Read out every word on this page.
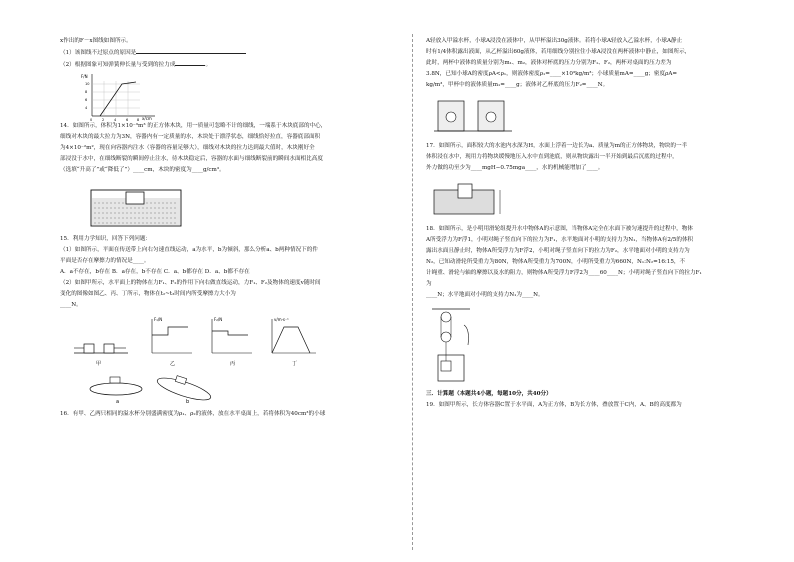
x作出的F－x图线如图所示。

（1）该图线不过原点的原因是

（2）根据图象可知弹簧伸长量与受到的拉力成	。

F/N
x/cm
10
8
6
4
0	2	4	6	8

14．如图所示，体积为1×10⁻³m³ 的正方体木块，用一质量可忽略不计的细线，一端系于木块底部的中心，

细线对木块的最大拉力为3N，容器内有一定质量的水，木块处于漂浮状态，细线恰好拉直，容器底部面积

为4×10⁻²m²，现在向容器内注水（容器的容量足够大），细线对木块的拉力达到最大值时，木块刚好全

部浸没于水中，在细线断裂的瞬间停止注水，待木块稳定后，容器的水面与细线断裂前的瞬间水面相比高度

（选填“升高了”或“降低了”）____cm，木块的密度为____g/cm³。

15．利用力学知识，回答下列问题：

（1）如图所示，平面在传送带上向右匀速直线运动，a为水平，b为倾斜，那么分析a、b两种情况下的件

平面是否存在摩擦力的情况是____。

A．a不存在，b存在 B．a存在，b不存在 C．a、b都存在 D．a、b都不存在

（2）如图甲所示，水平面上的物体在力F₁、F₂的作用下向右做直线运动，力F₁、F₂及物体的速度v随时间

变化的图像如图乙、丙、丁所示，物体在t₂~t₃时间内所受摩擦力大小为

____N。

甲
F₁/N
乙
F₂/N
丙
v/m·s⁻¹
丁
a	b

16．有甲、乙两只相同的溢水杯分别盛满密度为ρ₁、ρ₂的液体，放在水平桌面上，若将体积为40cm³的小球

A轻放入甲溢水杯，小球A浸没在液体中，从甲杯溢出30g液体。若将小球A轻放入乙溢水杯，小球A静止

时有1/4体积露出液面，从乙杯溢出60g液体，若用细线分别拉住小球A浸没在两杯液体中静止，如图所示，

此时，两杯中液体的质量分别为m₁、m₂，液体对杯底的压力分别为F₁、F₂，两杯对桌面的压力差为

3.8N，已知小球A的密度ρA<ρ₁，则液体密度ρ₁=____×10³kg/m³；小球质量mA=____g；密度ρA=

kg/m³，甲杯中的液体质量m₁=____g；液体对乙杯底的压力F₂=____N。

17．如图所示，面积较大的水池内水深为H，水面上浮着一边长为a、质量为m的正方体物块，物块的一半

体积浸在水中，现用力将物块缓慢地压入水中直到池底，则从物块露出一半开始到最后沉底的过程中，

外力做的功至少为____mgH−0.75mga____，水的机械能增加了____。

18．如图所示，是小明用滑轮组提升水中物体A的示意图，当物体A完全在水面下被匀速提升的过程中，物体

A所受浮力为F浮1，小明对绳子竖直向下的拉力为F₁，水平地面对小明的支持力为N₁，当物体A有2/5的体积

露出水面且静止时，物体A所受浮力为F浮2，小明对绳子竖直向下的拉力为F₂，水平地面对小明的支持力为

N₂，已知动滑轮所受重力为80N，物体A所受重力为700N，小明所受重力为660N，N₁:N₂=16:15，不

计绳重、滑轮与轴的摩擦以及水的阻力，则物体A所受浮力F浮2为____60____N；小明对绳子竖直向下的拉力F₁

为

____N；水平地面对小明的支持力N₁为____N。

三．计算题（本题共4小题，每题10分，共40分）

19．如图甲所示，长方体容器C置于水平面，A为正方体，B为长方体，叠放置于C内，A、B的高度都为
